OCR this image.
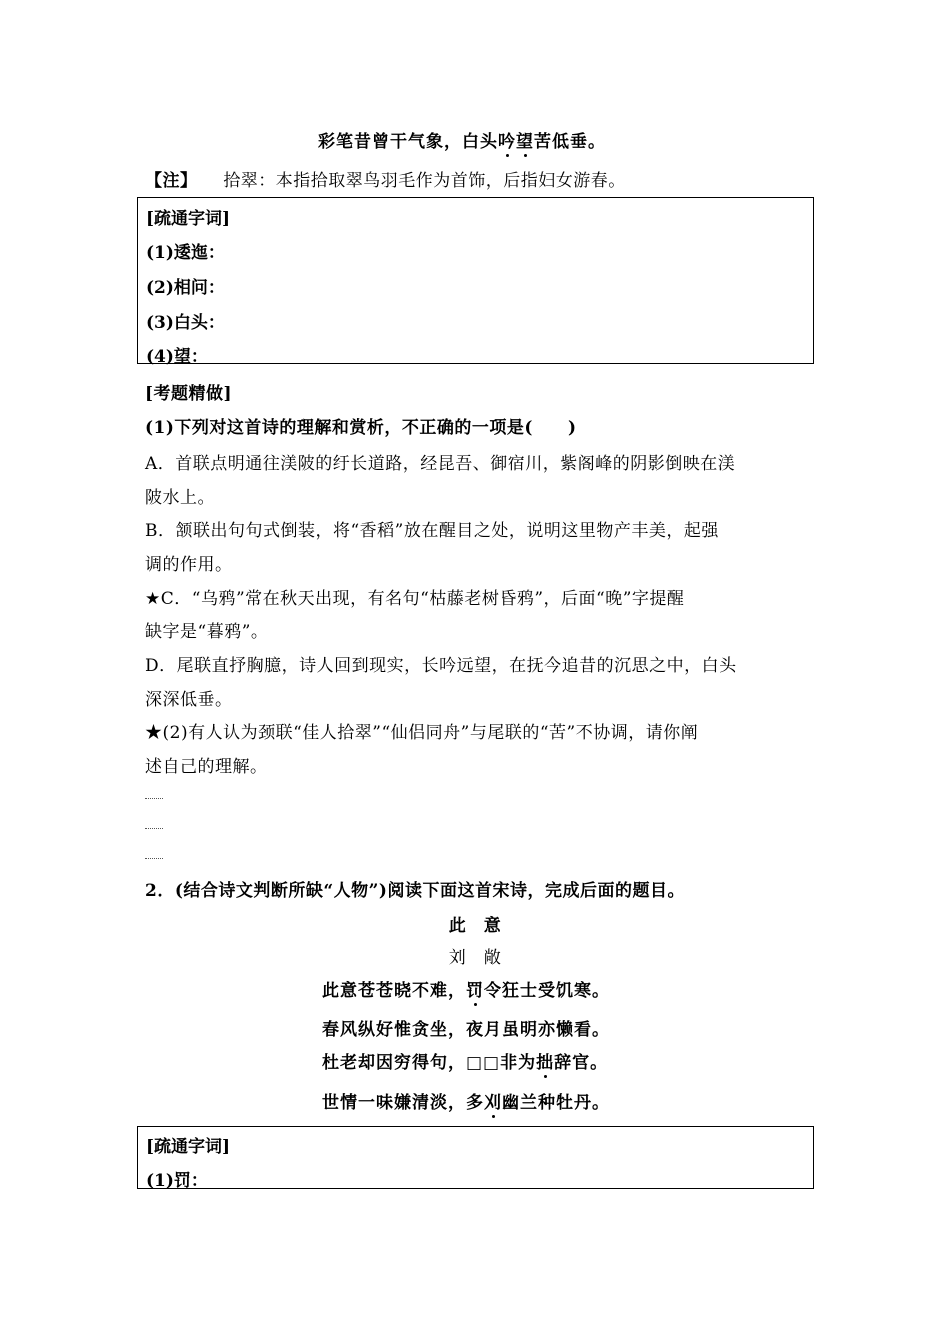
彩笔昔曾干气象，白头吟望苦低垂。
【注】 拾翠：本指拾取翠鸟羽毛作为首饰，后指妇女游春。
[疏通字词]
(1)逶迤：
(2)相问：
(3)白头：
(4)望：
[考题精做]
(1)下列对这首诗的理解和赏析，不正确的一项是(　　)
A．首联点明通往渼陂的纡长道路，经昆吾、御宿川，紫阁峰的阴影倒映在渼
陂水上。
B．颔联出句句式倒装，将“香稻”放在醒目之处，说明这里物产丰美，起强
调的作用。
★C．“乌鸦”常在秋天出现，有名句“枯藤老树昏鸦”，后面“晚”字提醒
缺字是“暮鸦”。
D．尾联直抒胸臆，诗人回到现实，长吟远望，在抚今追昔的沉思之中，白头
深深低垂。
★(2)有人认为颈联“佳人拾翠”“仙侣同舟”与尾联的“苦”不协调，请你阐
述自己的理解。
2．(结合诗文判断所缺“人物”)阅读下面这首宋诗，完成后面的题目。
此　意
刘　敞
此意苍苍晓不难，罚令狂士受饥寒。
春风纵好惟贪坐，夜月虽明亦懒看。
杜老却因穷得句，□□非为拙辞官。
世情一味嫌清淡，多刈幽兰种牡丹。
[疏通字词]
(1)罚：
